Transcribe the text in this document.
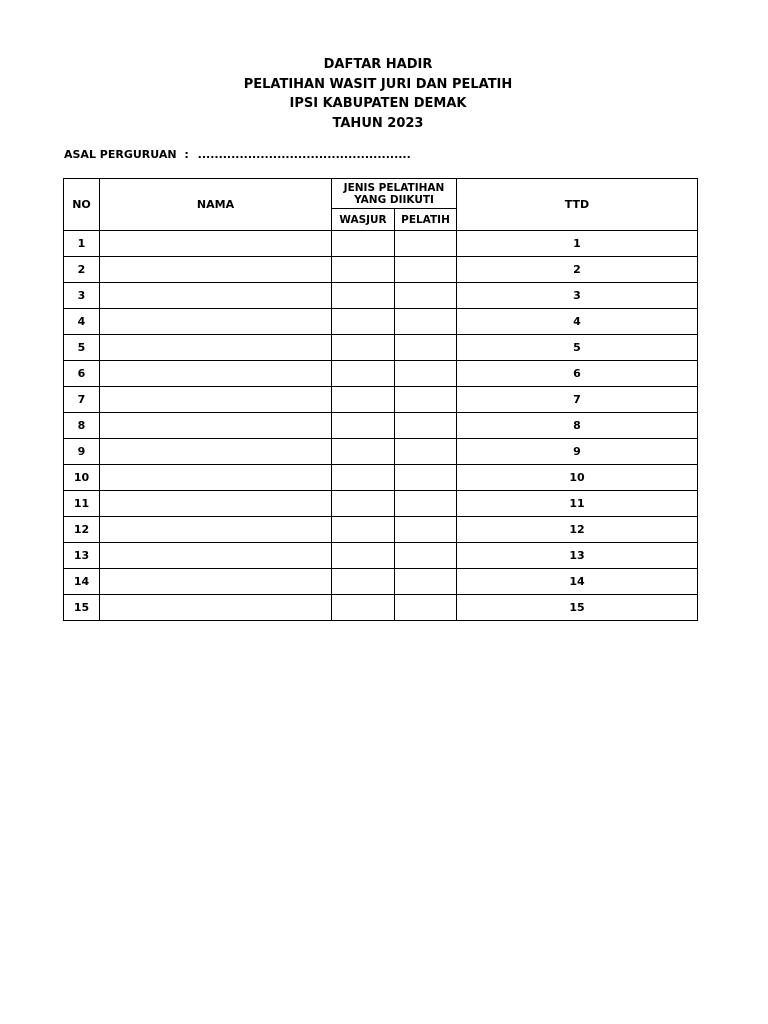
DAFTAR HADIR
PELATIHAN WASIT JURI DAN PELATIH
IPSI KABUPATEN DEMAK
TAHUN 2023
ASAL PERGURUAN : ...................................................
NO	NAMA	JENIS PELATIHAN YANG DIIKUTI		TTD
		WASJUR	PELATIH	
1				1
2				2
3				3
4				4
5				5
6				6
7				7
8				8
9				9
10				10
11				11
12				12
13				13
14				14
15				15
